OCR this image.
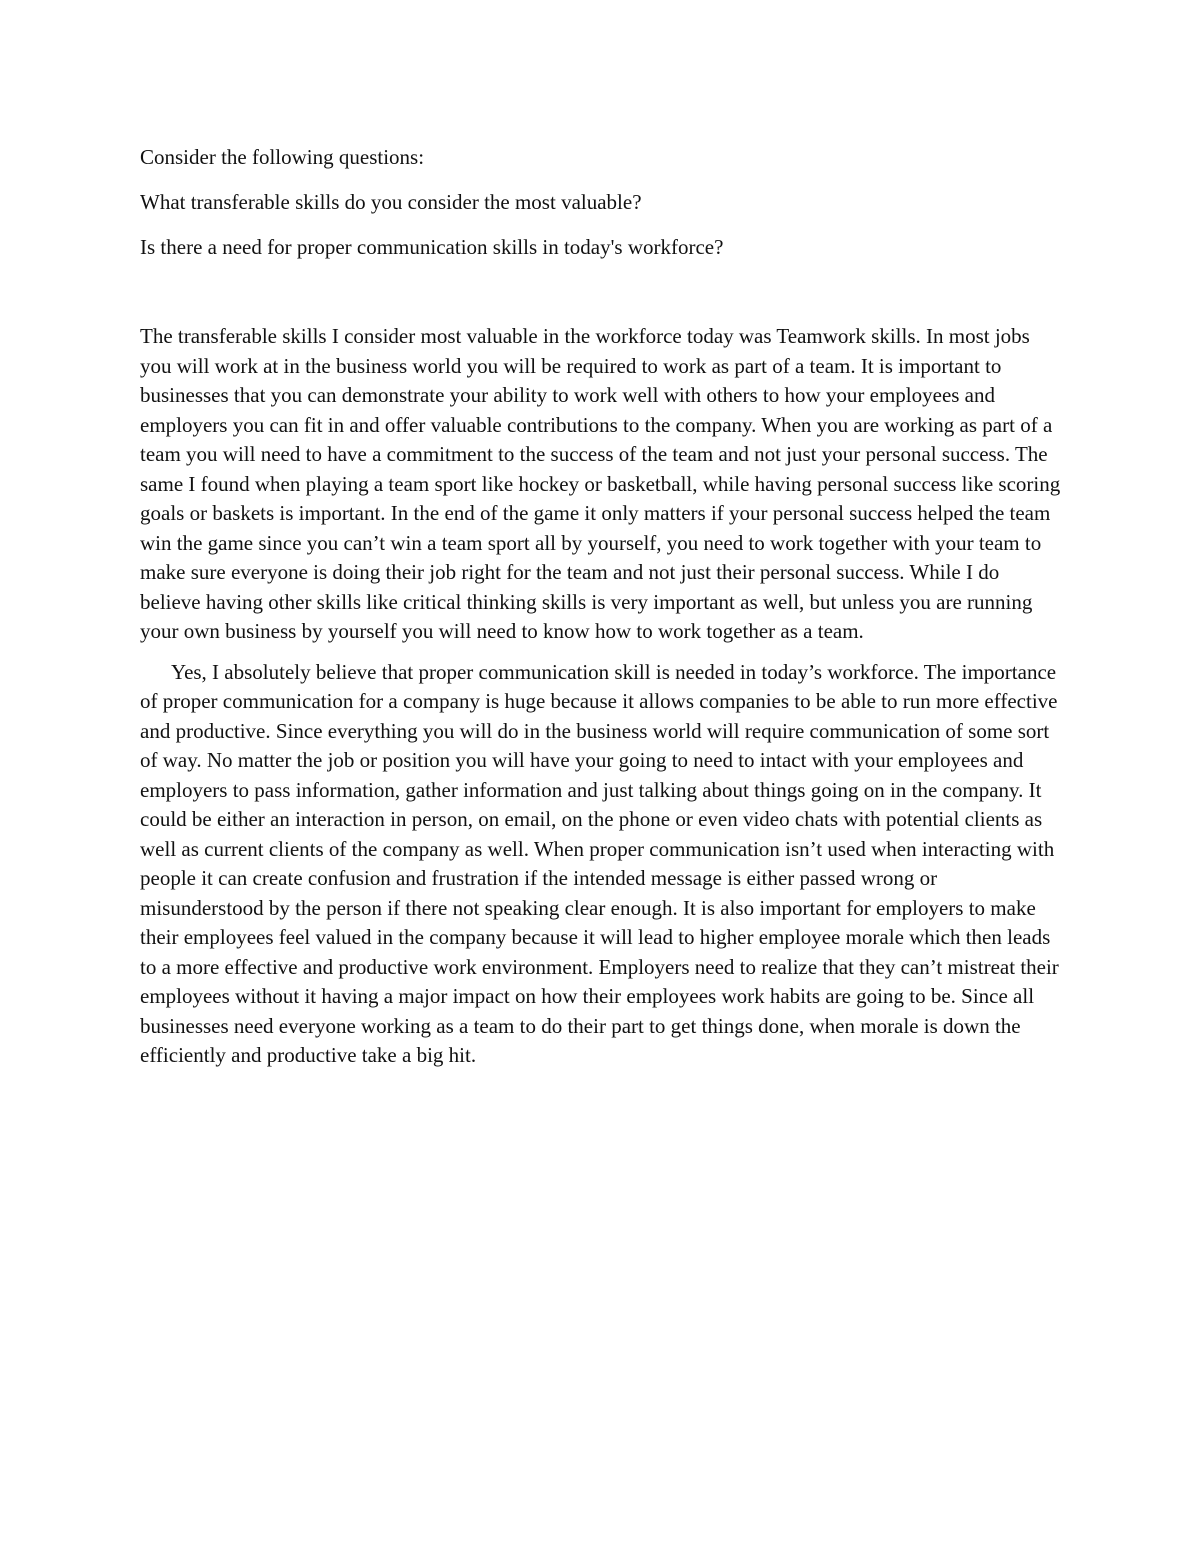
Consider the following questions:
What transferable skills do you consider the most valuable?
Is there a need for proper communication skills in today's workforce?

The transferable skills I consider most valuable in the workforce today was Teamwork skills. In most jobs you will work at in the business world you will be required to work as part of a team. It is important to businesses that you can demonstrate your ability to work well with others to how your employees and employers you can fit in and offer valuable contributions to the company. When you are working as part of a team you will need to have a commitment to the success of the team and not just your personal success. The same I found when playing a team sport like hockey or basketball, while having personal success like scoring goals or baskets is important. In the end of the game it only matters if your personal success helped the team win the game since you can’t win a team sport all by yourself, you need to work together with your team to make sure everyone is doing their job right for the team and not just their personal success. While I do believe having other skills like critical thinking skills is very important as well, but unless you are running your own business by yourself you will need to know how to work together as a team.

Yes, I absolutely believe that proper communication skill is needed in today’s workforce. The importance of proper communication for a company is huge because it allows companies to be able to run more effective and productive. Since everything you will do in the business world will require communication of some sort of way. No matter the job or position you will have your going to need to intact with your employees and employers to pass information, gather information and just talking about things going on in the company. It could be either an interaction in person, on email, on the phone or even video chats with potential clients as well as current clients of the company as well. When proper communication isn’t used when interacting with people it can create confusion and frustration if the intended message is either passed wrong or misunderstood by the person if there not speaking clear enough. It is also important for employers to make their employees feel valued in the company because it will lead to higher employee morale which then leads to a more effective and productive work environment. Employers need to realize that they can’t mistreat their employees without it having a major impact on how their employees work habits are going to be. Since all businesses need everyone working as a team to do their part to get things done, when morale is down the efficiently and productive take a big hit.
